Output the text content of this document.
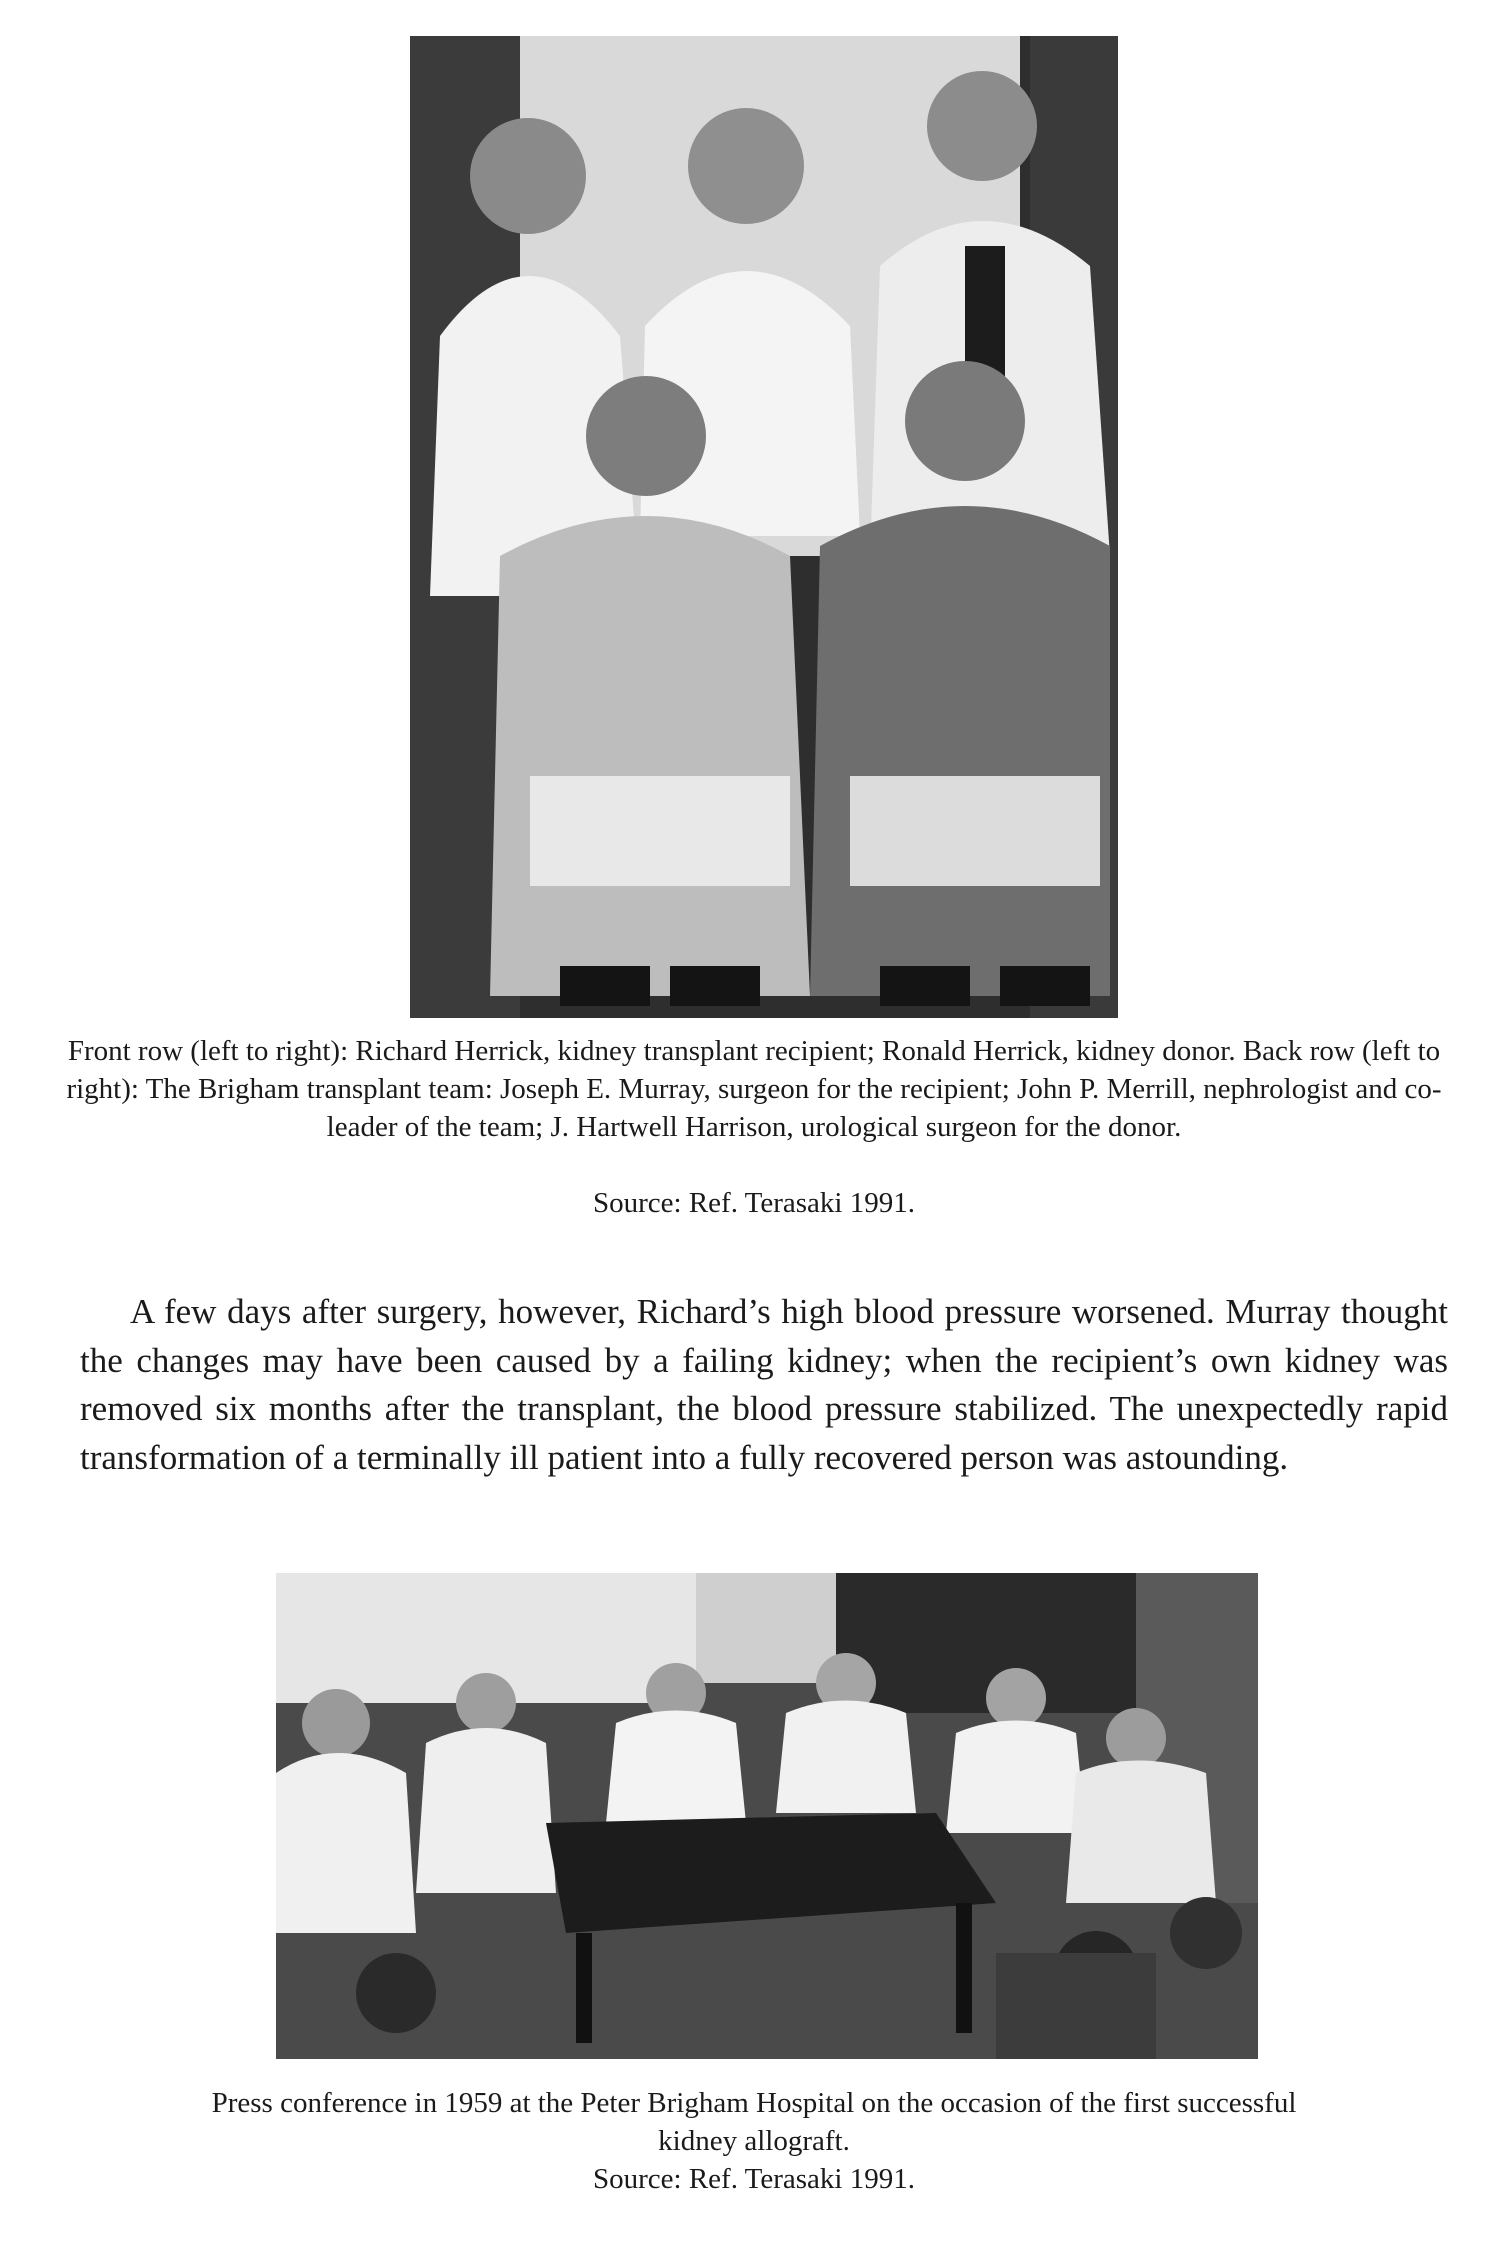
Front row (left to right): Richard Herrick, kidney transplant recipient; Ronald Herrick, kidney donor. Back row (left to right): The Brigham transplant team: Joseph E. Murray, surgeon for the recipient; John P. Merrill, nephrologist and co-leader of the team; J. Hartwell Harrison, urological surgeon for the donor.

Source: Ref. Terasaki 1991.

A few days after surgery, however, Richard’s high blood pressure worsened. Murray thought the changes may have been caused by a failing kidney; when the recipient’s own kidney was removed six months after the transplant, the blood pressure stabilized. The unexpectedly rapid transformation of a terminally ill patient into a fully recovered person was astounding.

Press conference in 1959 at the Peter Brigham Hospital on the occasion of the first successful kidney allograft.

Source: Ref. Terasaki 1991.
